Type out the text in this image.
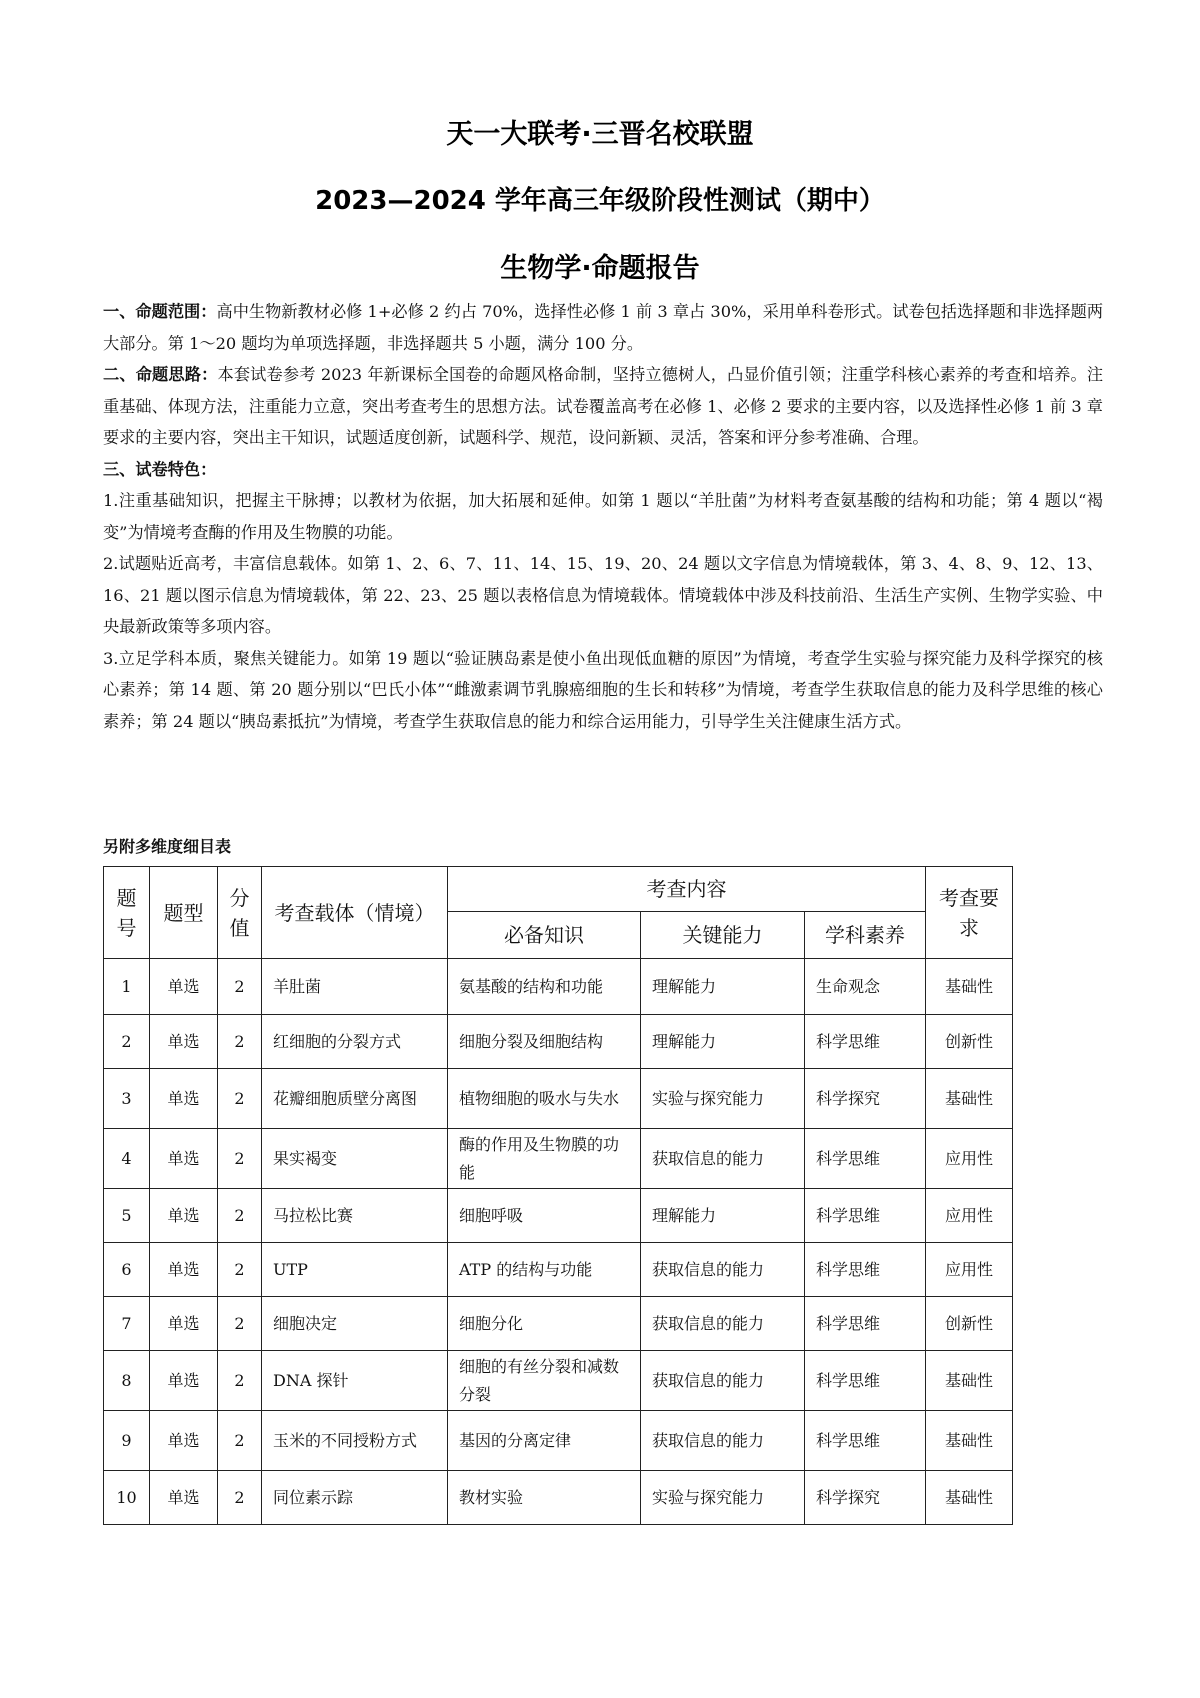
天一大联考·三晋名校联盟
2023—2024 学年高三年级阶段性测试（期中）
生物学·命题报告

一、命题范围：高中生物新教材必修 1+必修 2 约占 70%，选择性必修 1 前 3 章占 30%，采用单科卷形式。试卷包括选择题和非选择题两大部分。第 1～20 题均为单项选择题，非选择题共 5 小题，满分 100 分。

二、命题思路：本套试卷参考 2023 年新课标全国卷的命题风格命制，坚持立德树人，凸显价值引领；注重学科核心素养的考查和培养。注重基础、体现方法，注重能力立意，突出考查考生的思想方法。试卷覆盖高考在必修 1、必修 2 要求的主要内容，以及选择性必修 1 前 3 章要求的主要内容，突出主干知识，试题适度创新，试题科学、规范，设问新颖、灵活，答案和评分参考准确、合理。

三、试卷特色：

1.注重基础知识，把握主干脉搏；以教材为依据，加大拓展和延伸。如第 1 题以“羊肚菌”为材料考查氨基酸的结构和功能；第 4 题以“褐变”为情境考查酶的作用及生物膜的功能。

2.试题贴近高考，丰富信息载体。如第 1、2、6、7、11、14、15、19、20、24 题以文字信息为情境载体，第 3、4、8、9、12、13、16、21 题以图示信息为情境载体，第 22、23、25 题以表格信息为情境载体。情境载体中涉及科技前沿、生活生产实例、生物学实验、中央最新政策等多项内容。

3.立足学科本质，聚焦关键能力。如第 19 题以“验证胰岛素是使小鱼出现低血糖的原因”为情境，考查学生实验与探究能力及科学探究的核心素养；第 14 题、第 20 题分别以“巴氏小体”“雌激素调节乳腺癌细胞的生长和转移”为情境，考查学生获取信息的能力及科学思维的核心素养；第 24 题以“胰岛素抵抗”为情境，考查学生获取信息的能力和综合运用能力，引导学生关注健康生活方式。

另附多维度细目表
题号	题型	分值	考查载体（情境）	考查内容			考查要求
				必备知识	关键能力	学科素养	
1	单选	2	羊肚菌	氨基酸的结构和功能	理解能力	生命观念	基础性
2	单选	2	红细胞的分裂方式	细胞分裂及细胞结构	理解能力	科学思维	创新性
3	单选	2	花瓣细胞质壁分离图	植物细胞的吸水与失水	实验与探究能力	科学探究	基础性
4	单选	2	果实褐变	酶的作用及生物膜的功能	获取信息的能力	科学思维	应用性
5	单选	2	马拉松比赛	细胞呼吸	理解能力	科学思维	应用性
6	单选	2	UTP	ATP 的结构与功能	获取信息的能力	科学思维	应用性
7	单选	2	细胞决定	细胞分化	获取信息的能力	科学思维	创新性
8	单选	2	DNA 探针	细胞的有丝分裂和减数分裂	获取信息的能力	科学思维	基础性
9	单选	2	玉米的不同授粉方式	基因的分离定律	获取信息的能力	科学思维	基础性
10	单选	2	同位素示踪	教材实验	实验与探究能力	科学探究	基础性
